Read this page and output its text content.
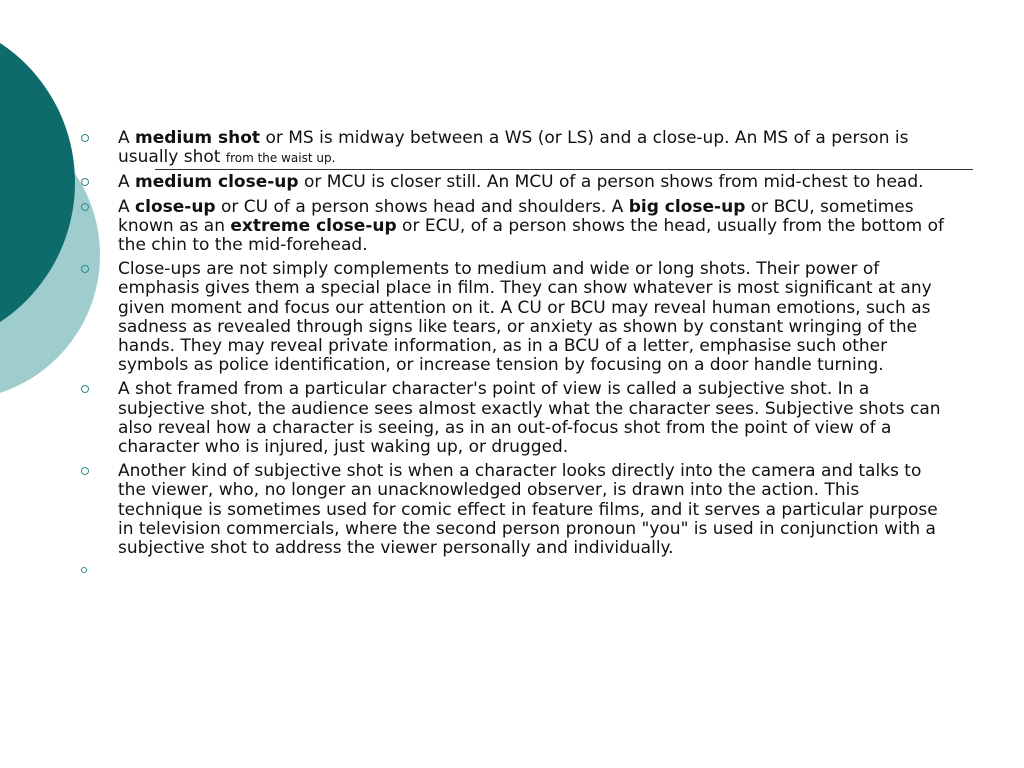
A medium shot or MS is midway between a WS (or LS) and a close-up. An MS of a person is usually shot from the waist up.
A medium close-up or MCU is closer still. An MCU of a person shows from mid-chest to head.
A close-up or CU of a person shows head and shoulders. A big close-up or BCU, sometimes known as an extreme close-up or ECU, of a person shows the head, usually from the bottom of the chin to the mid-forehead.
Close-ups are not simply complements to medium and wide or long shots. Their power of emphasis gives them a special place in film. They can show whatever is most significant at any given moment and focus our attention on it. A CU or BCU may reveal human emotions, such as sadness as revealed through signs like tears, or anxiety as shown by constant wringing of the hands. They may reveal private information, as in a BCU of a letter, emphasise such other symbols as police identification, or increase tension by focusing on a door handle turning.
A shot framed from a particular character's point of view is called a subjective shot. In a subjective shot, the audience sees almost exactly what the character sees. Subjective shots can also reveal how a character is seeing, as in an out-of-focus shot from the point of view of a character who is injured, just waking up, or drugged.
Another kind of subjective shot is when a character looks directly into the camera and talks to the viewer, who, no longer an unacknowledged observer, is drawn into the action. This technique is sometimes used for comic effect in feature films, and it serves a particular purpose in television commercials, where the second person pronoun "you" is used in conjunction with a subjective shot to address the viewer personally and individually.
